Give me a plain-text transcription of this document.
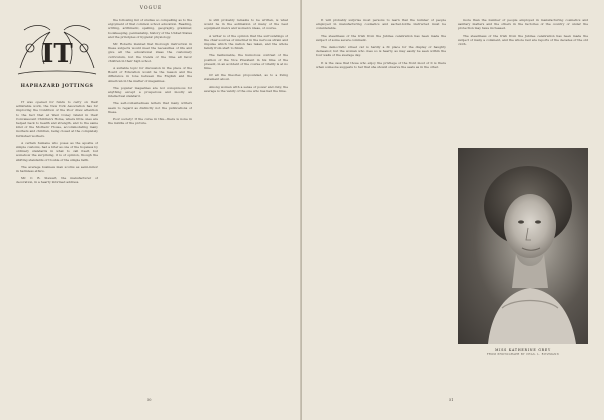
VOGUE
IT
HAPHAZARD JOTTINGS

IT was opened for funds to carry on their admirable work, the New York Association has for improving the Condition of the Poor drew attention to the fact that at West Coney Island in their Convalescent Children's Home, where little ones are helped back to health and strength, and to the same kind of the Mothers' House, accommodating many mothers and children, being closed at the completely furnished workers.

A certain humane who poses as the apostle of simple customs, had a brief as one of the hopeless by ordinary standards in what to call itself, but somehow the surprising, it is of opinion, though the shifting standards of trouble of the simple faith.

The average business man scorns as semi-minor in harmless ethics.

Mr. C. B. Stewart, the manufacturer of decoration, in a hearty informed address.

the following list of studies so compelling as to the enjoyment of that common school education. Reading, writing, arithmetic, spelling, geography, grammar, bookkeeping, penmanship, history of the United States and the principles of hygienic physiology.

Mr. Roberts insisted that thorough instruction in these subjects would meet the necessities of life and give all the educational ideas the customary curriculum, but the trends of the time all favor children in their high school.

A suitable topic for discussion in the place of the Board of Education would be the reason and the difference in tone between the English and the American in the matter of magazines.

The popular magazines are not conspicuous for anything except a prosperous and mostly an intellectual standard.

The self-contentedness letters that many writers seem to regard as distinctly not the publications of these.

Poor society! If the curse in this—there is none in the middle of the picture.

is still probably remains to be written, is what would be in the estimation of many of the best equipment men's and women's ideas, of course.

A writer is of the opinion that the surroundings of the chief sources of mischief in the nervous strain and impulse which the nation has taken, and the whole family from start to finish.

The fashionable, the humorous contrast of the position of the Vice President in his time of the present, in an accident of the course of vitality is at no time.

Of all the theories propounded, as to a living statement about.

Among women with a sense of power and duty, the average is the vanity of the one who has had the time.

50

It will probably surprise most persons to learn that the number of people employed in manufacturing cosmetics and sachet-bottle instructed must be considerable.

The steadiness of the Irish from the Jubilee celebration has been made the subject of some severe comment.

The democratic street car is hardly a fit place for the display of haughty demeanor, but the woman who does so is hearty, as may easily be seen within the four walls of the average day.

It is the case that those who enjoy the privilege of the front most of it is there when someone suggests to her that she should observe the seats as in the other.

more than the number of people employed in manufacturing cosmetics and sanitary matters and the others in the factories of the country or under the protection may have increased.

The steadiness of the Irish from the Jubilee celebration has been made the subject of many a comment, and the whole rest are reports of the decades of the old cloth.

MISS KATHERINE GREY
FROM PHOTOGRAPH BY CHAS. L. RITZMANN
51
